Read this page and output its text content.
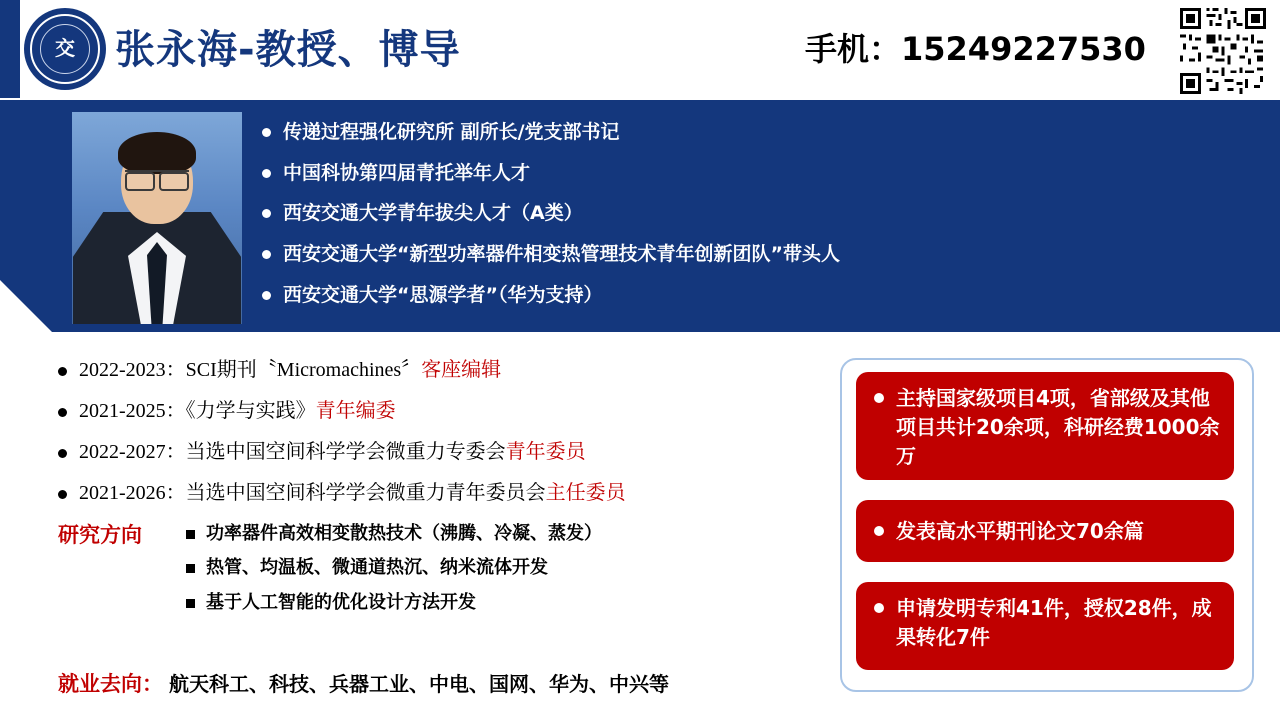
交	张永海-教授、博导	手机：15249227530
传递过程强化研究所 副所长/党支部书记
中国科协第四届青托举年人才
西安交通大学青年拔尖人才（A类）
西安交通大学“新型功率器件相变热管理技术青年创新团队”带头人
西安交通大学“思源学者”（华为支持）
2022-2023：SCI期刊〝Micromachines〞客座编辑
2021-2025：《力学与实践》青年编委
2022-2027：当选中国空间科学学会微重力专委会青年委员
2021-2026：当选中国空间科学学会微重力青年委员会主任委员
研究方向	功率器件高效相变散热技术（沸腾、冷凝、蒸发）
热管、均温板、微通道热沉、纳米流体开发
基于人工智能的优化设计方法开发
就业去向： 航天科工、科技、兵器工业、中电、国网、华为、中兴等
主持国家级项目4项，省部级及其他项目共计20余项，科研经费1000余万
发表高水平期刊论文70余篇
申请发明专利41件，授权28件，成果转化7件
